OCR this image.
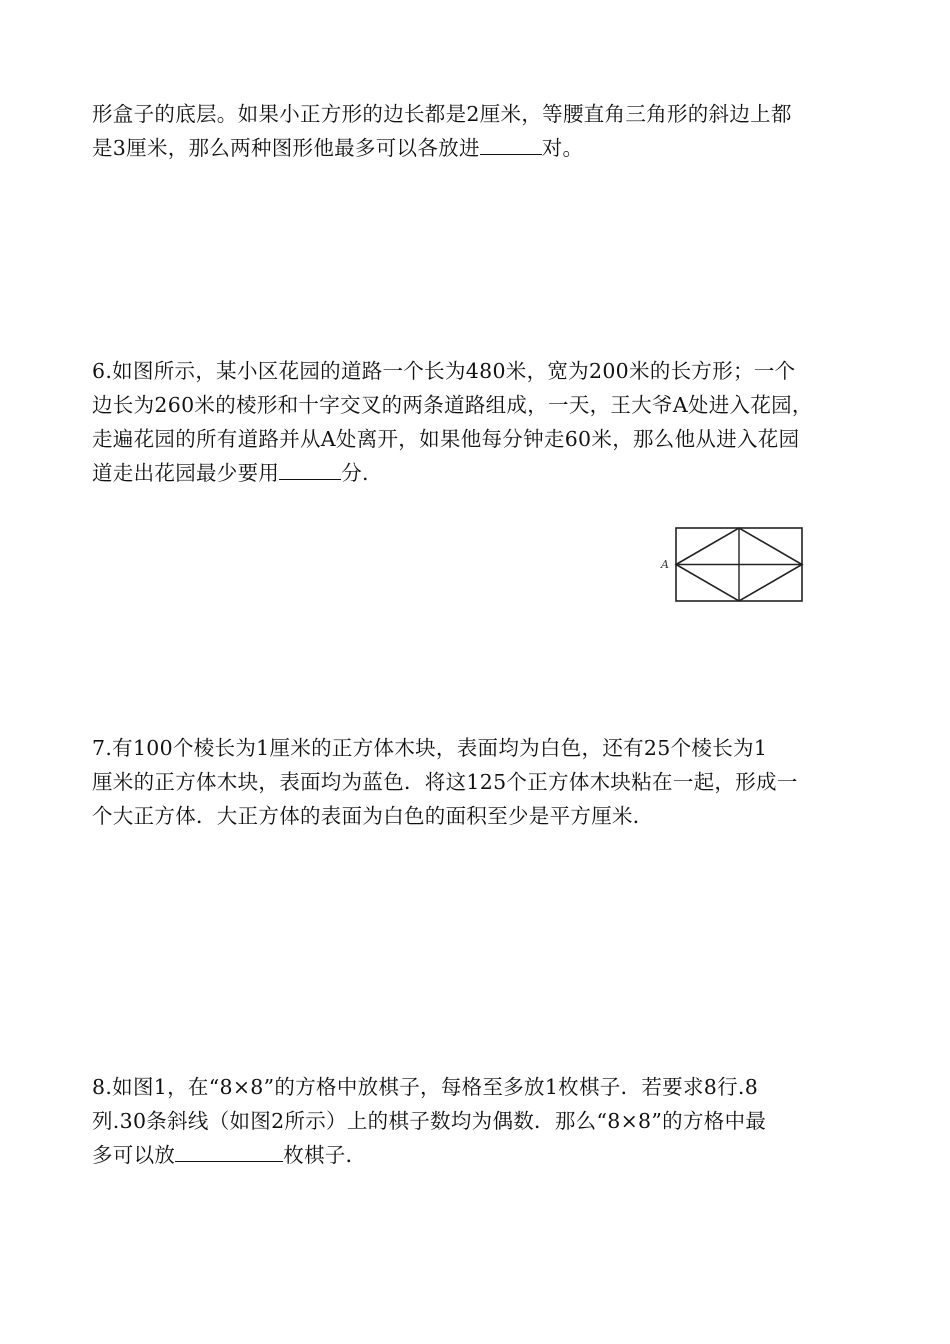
形盒子的底层。如果小正方形的边长都是2厘米，等腰直角三角形的斜边上都
是3厘米，那么两种图形他最多可以各放进	对。
6.如图所示，某小区花园的道路一个长为480米，宽为200米的长方形；一个
边长为260米的棱形和十字交叉的两条道路组成，一天，王大爷A处进入花园，
走遍花园的所有道路并从A处离开，如果他每分钟走60米，那么他从进入花园
道走出花园最少要用	分.
A
7.有100个棱长为1厘米的正方体木块，表面均为白色，还有25个棱长为1
厘米的正方体木块，表面均为蓝色．将这125个正方体木块粘在一起，形成一
个大正方体．大正方体的表面为白色的面积至少是平方厘米．
8.如图1，在“8×8”的方格中放棋子，每格至多放1枚棋子．若要求8行.8
列.30条斜线（如图2所示）上的棋子数均为偶数．那么“8×8”的方格中最
多可以放	枚棋子．
